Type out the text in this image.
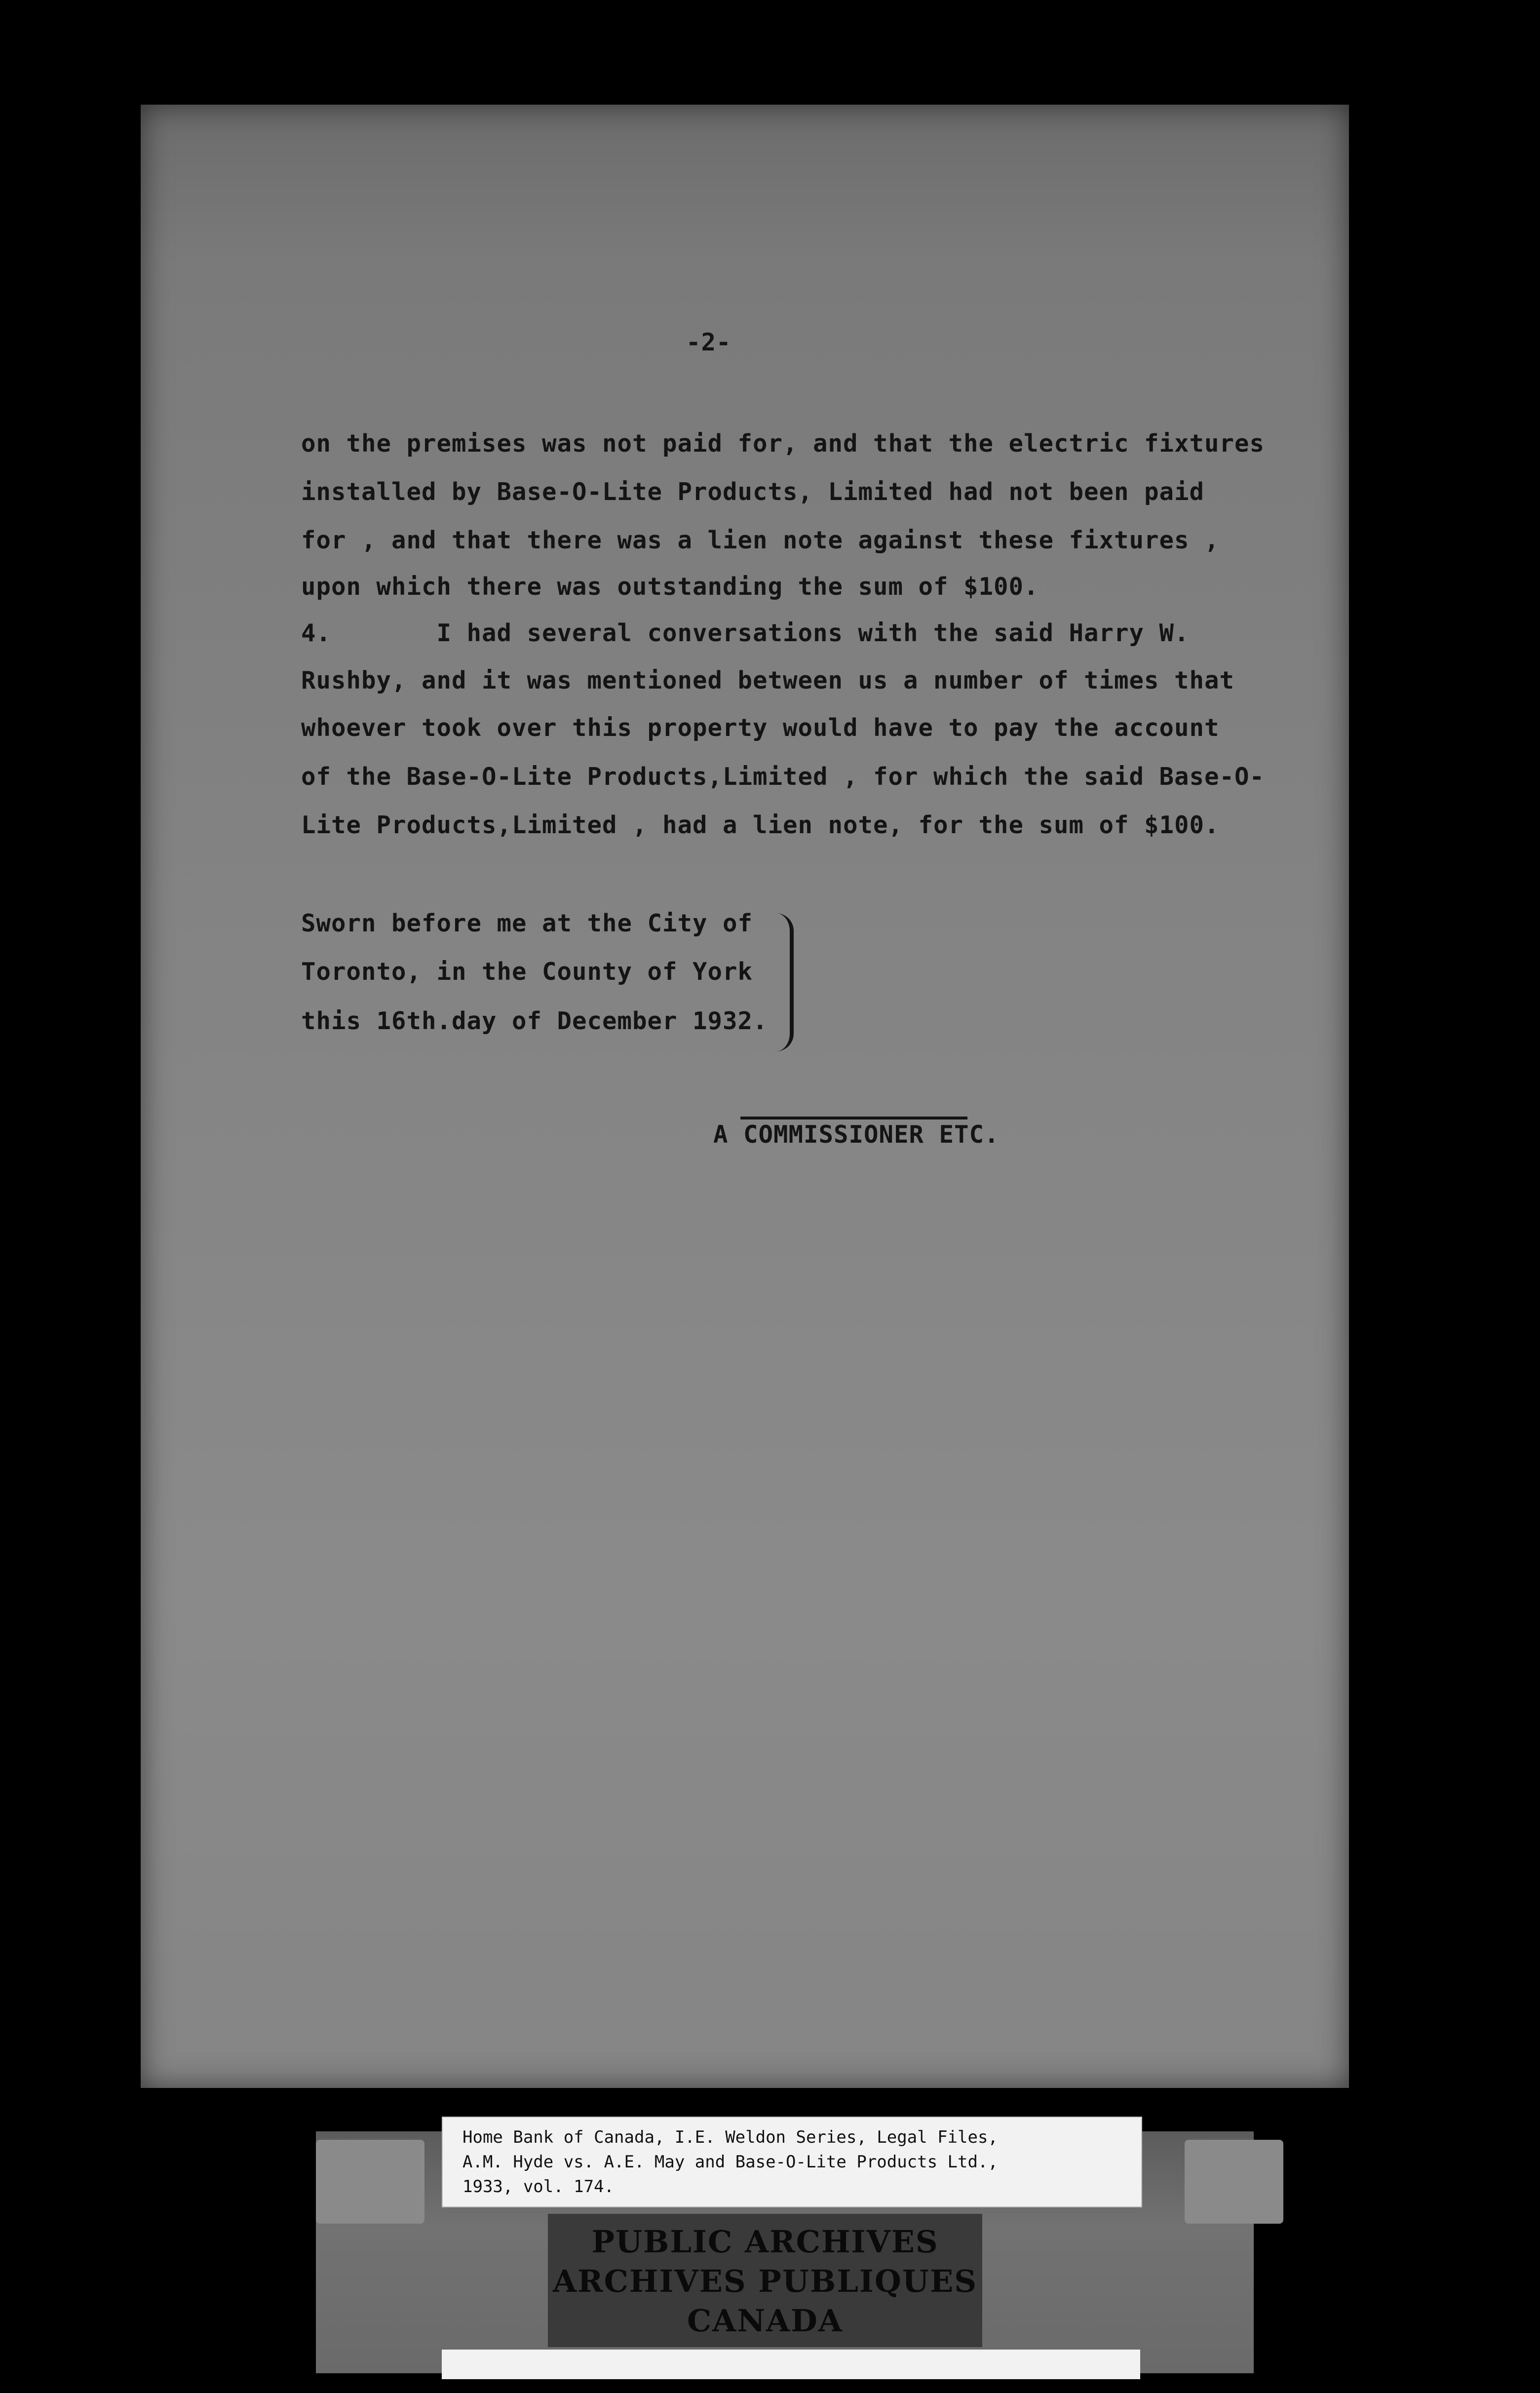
-2-
on the premises was not paid for, and that the electric fixtures
installed by Base-O-Lite Products, Limited had not been paid
for , and that there was a lien note against these fixtures ,
upon which there was outstanding the sum of $100.
4.       I had several conversations with the said Harry W.
Rushby, and it was mentioned between us a number of times that
whoever took over this property would have to pay the account
of the Base-O-Lite Products,Limited , for which the said Base-O-
Lite Products,Limited , had a lien note, for the sum of $100.
Sworn before me at the City of
Toronto, in the County of York
this 16th.day of December 1932.
A COMMISSIONER ETC.
Home Bank of Canada, I.E. Weldon Series, Legal Files,
A.M. Hyde vs. A.E. May and Base-O-Lite Products Ltd.,
1933, vol. 174.
PUBLIC ARCHIVES
ARCHIVES PUBLIQUES
CANADA
